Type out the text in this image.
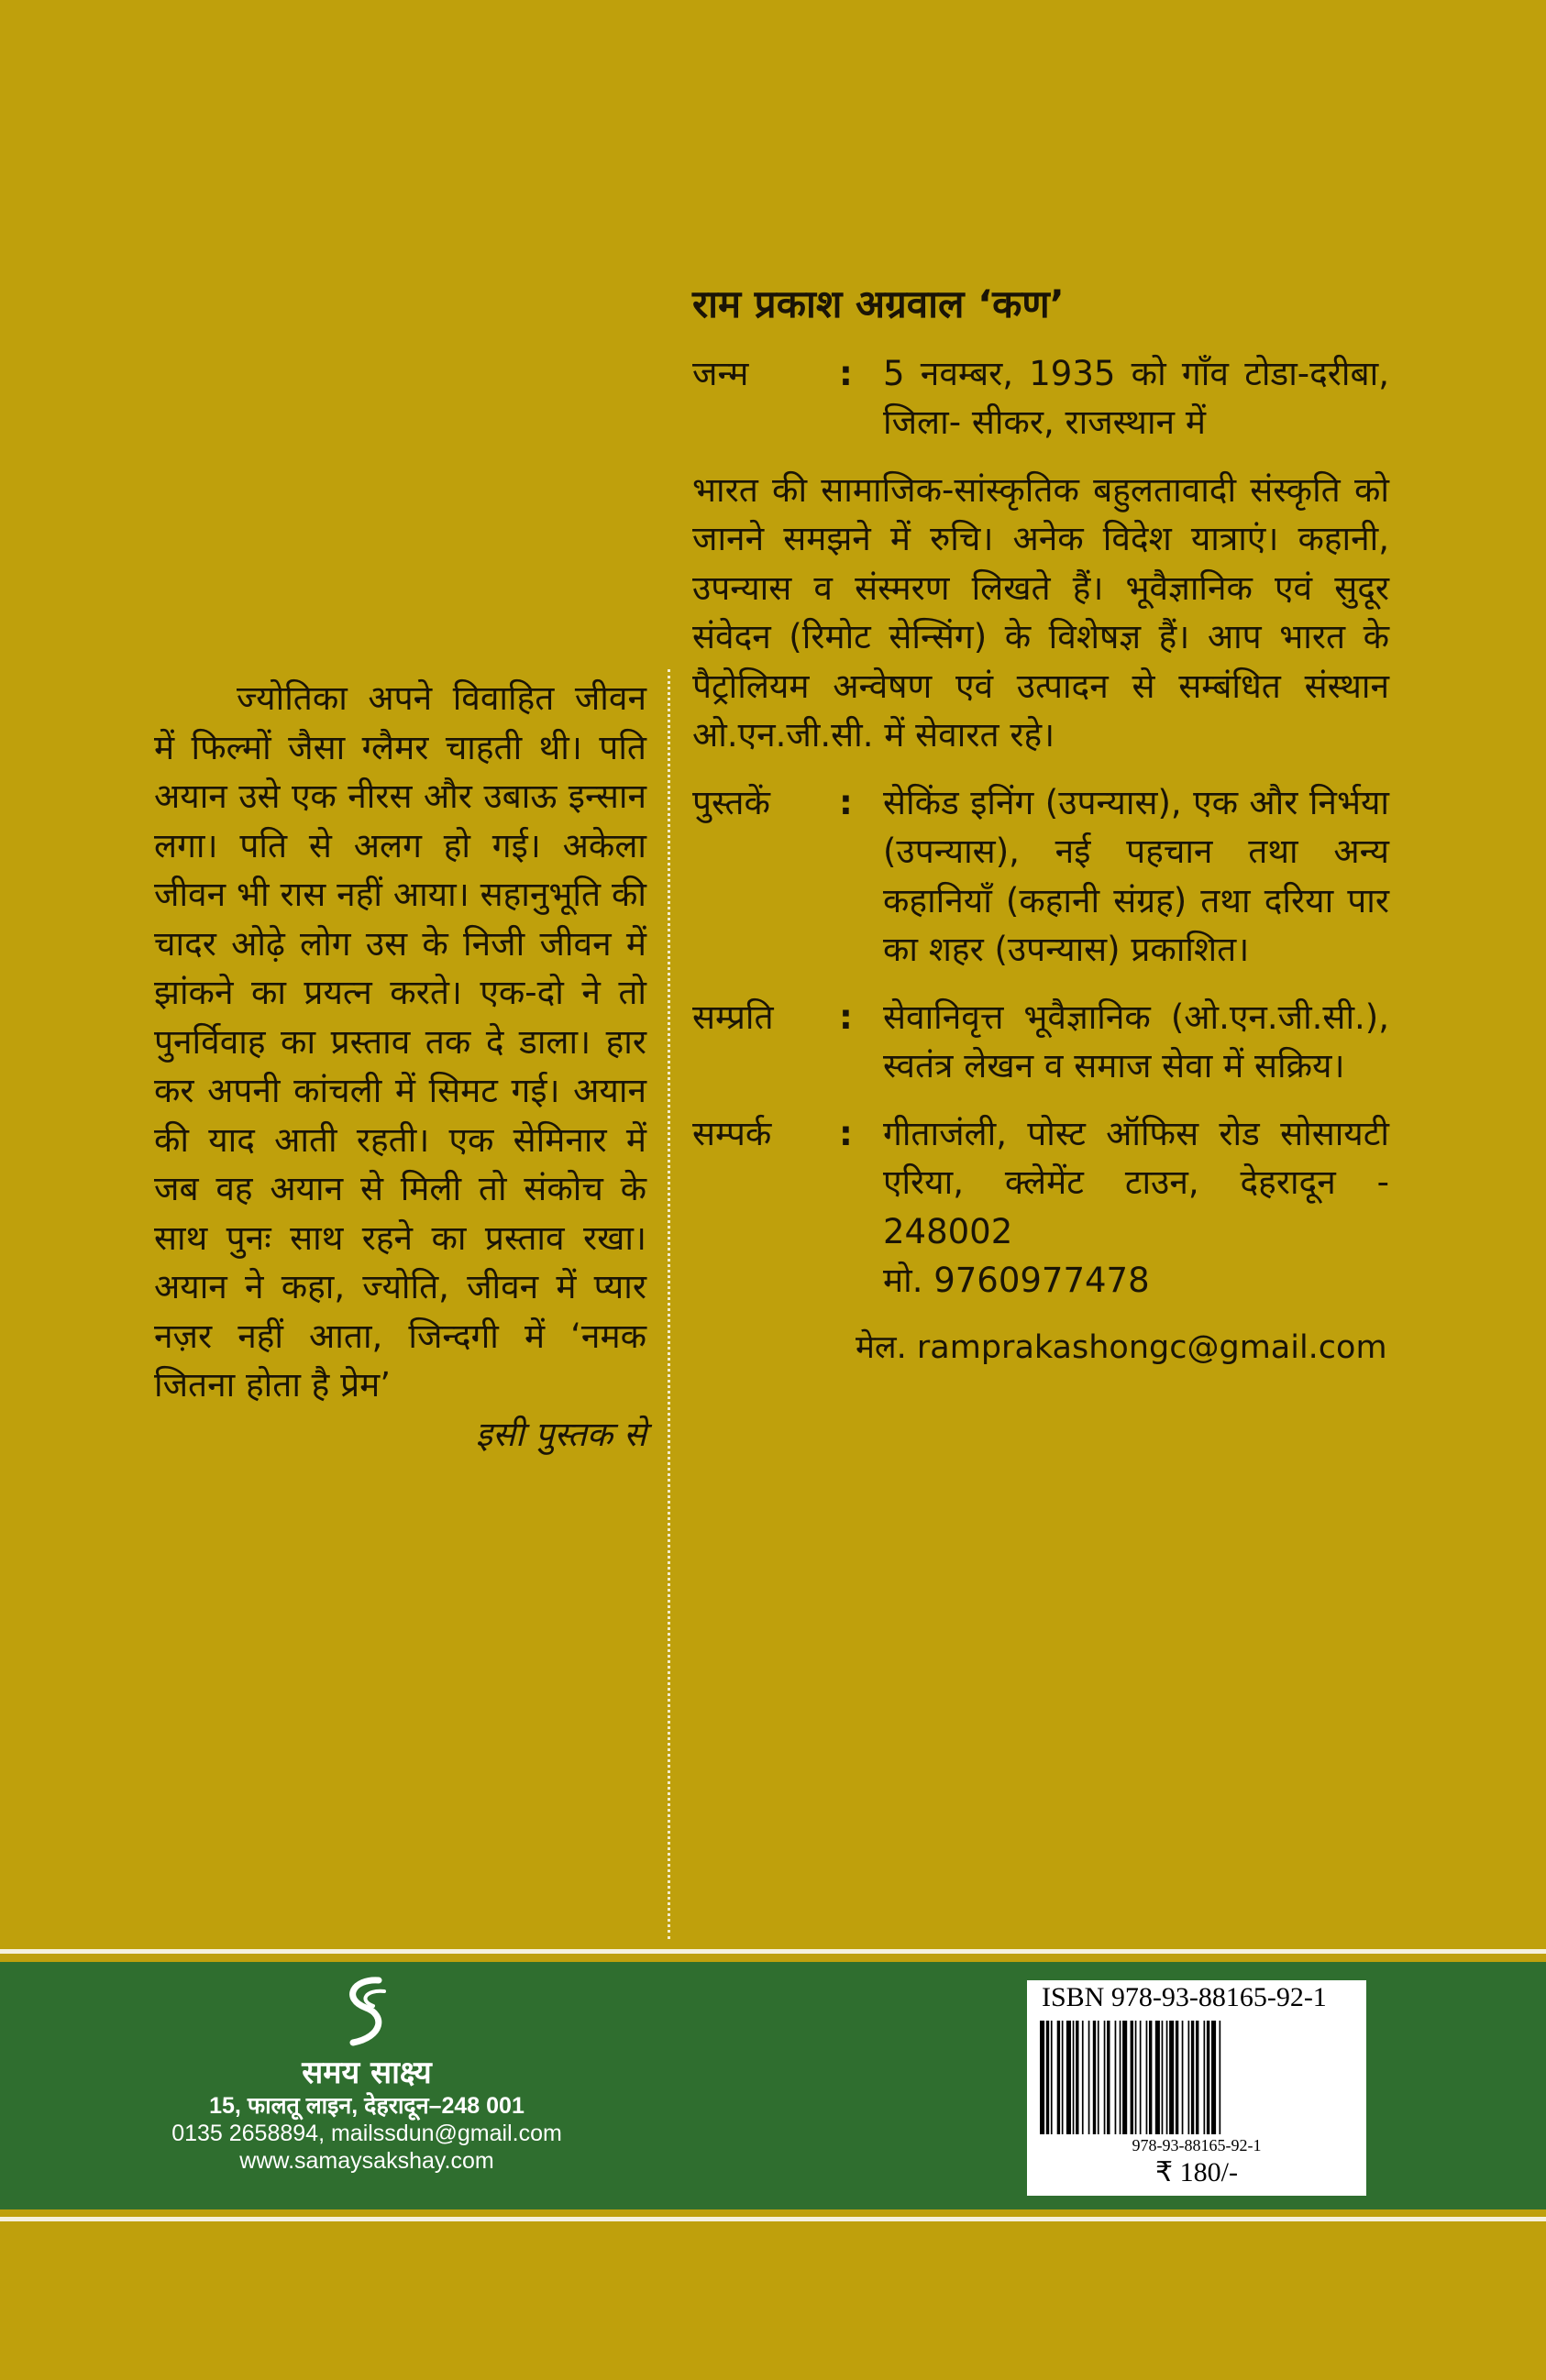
राम प्रकाश अग्रवाल ‘कण’
जन्म	: 5 नवम्बर, 1935 को गाँव टोडा-दरीबा, जिला- सीकर, राजस्थान में

भारत की सामाजिक-सांस्कृतिक बहुलतावादी संस्कृति को जानने समझने में रुचि। अनेक विदेश यात्राएं। कहानी, उपन्यास व संस्मरण लिखते हैं। भूवैज्ञानिक एवं सुदूर संवेदन (रिमोट सेन्सिंग) के विशेषज्ञ हैं। आप भारत के पैट्रोलियम अन्वेषण एवं उत्पादन से सम्बंधित संस्थान ओ.एन.जी.सी. में सेवारत रहे।

पुस्तकें	: सेकिंड इनिंग (उपन्यास), एक और निर्भया (उपन्यास), नई पहचान तथा अन्य कहानियाँ (कहानी संग्रह) तथा दरिया पार का शहर (उपन्यास) प्रकाशित।
सम्प्रति	: सेवानिवृत्त भूवैज्ञानिक (ओ.एन.जी.सी.), स्वतंत्र लेखन व समाज सेवा में सक्रिय।
सम्पर्क	: गीताजंली, पोस्ट ऑफिस रोड सोसायटी एरिया, क्लेमेंट टाउन, देहरादून - 248002
मो. 9760977478
मेल. ramprakashongc@gmail.com

ज्योतिका अपने विवाहित जीवन में फिल्मों जैसा ग्लैमर चाहती थी। पति अयान उसे एक नीरस और उबाऊ इन्सान लगा। पति से अलग हो गई। अकेला जीवन भी रास नहीं आया। सहानुभूति की चादर ओढ़े लोग उस के निजी जीवन में झांकने का प्रयत्न करते। एक-दो ने तो पुनर्विवाह का प्रस्ताव तक दे डाला। हार कर अपनी कांचली में सिमट गई। अयान की याद आती रहती। एक सेमिनार में जब वह अयान से मिली तो संकोच के साथ पुनः साथ रहने का प्रस्ताव रखा। अयान ने कहा, ज्योति, जीवन में प्यार नज़र नहीं आता, जिन्दगी में ‘नमक जितना होता है प्रेम’

इसी पुस्तक से
समय साक्ष्य
15, फालतू लाइन, देहरादून–248 001
0135 2658894, mailssdun@gmail.com
www.samaysakshay.com
ISBN 978-93-88165-92-1
978-93-88165-92-1
₹ 180/-
